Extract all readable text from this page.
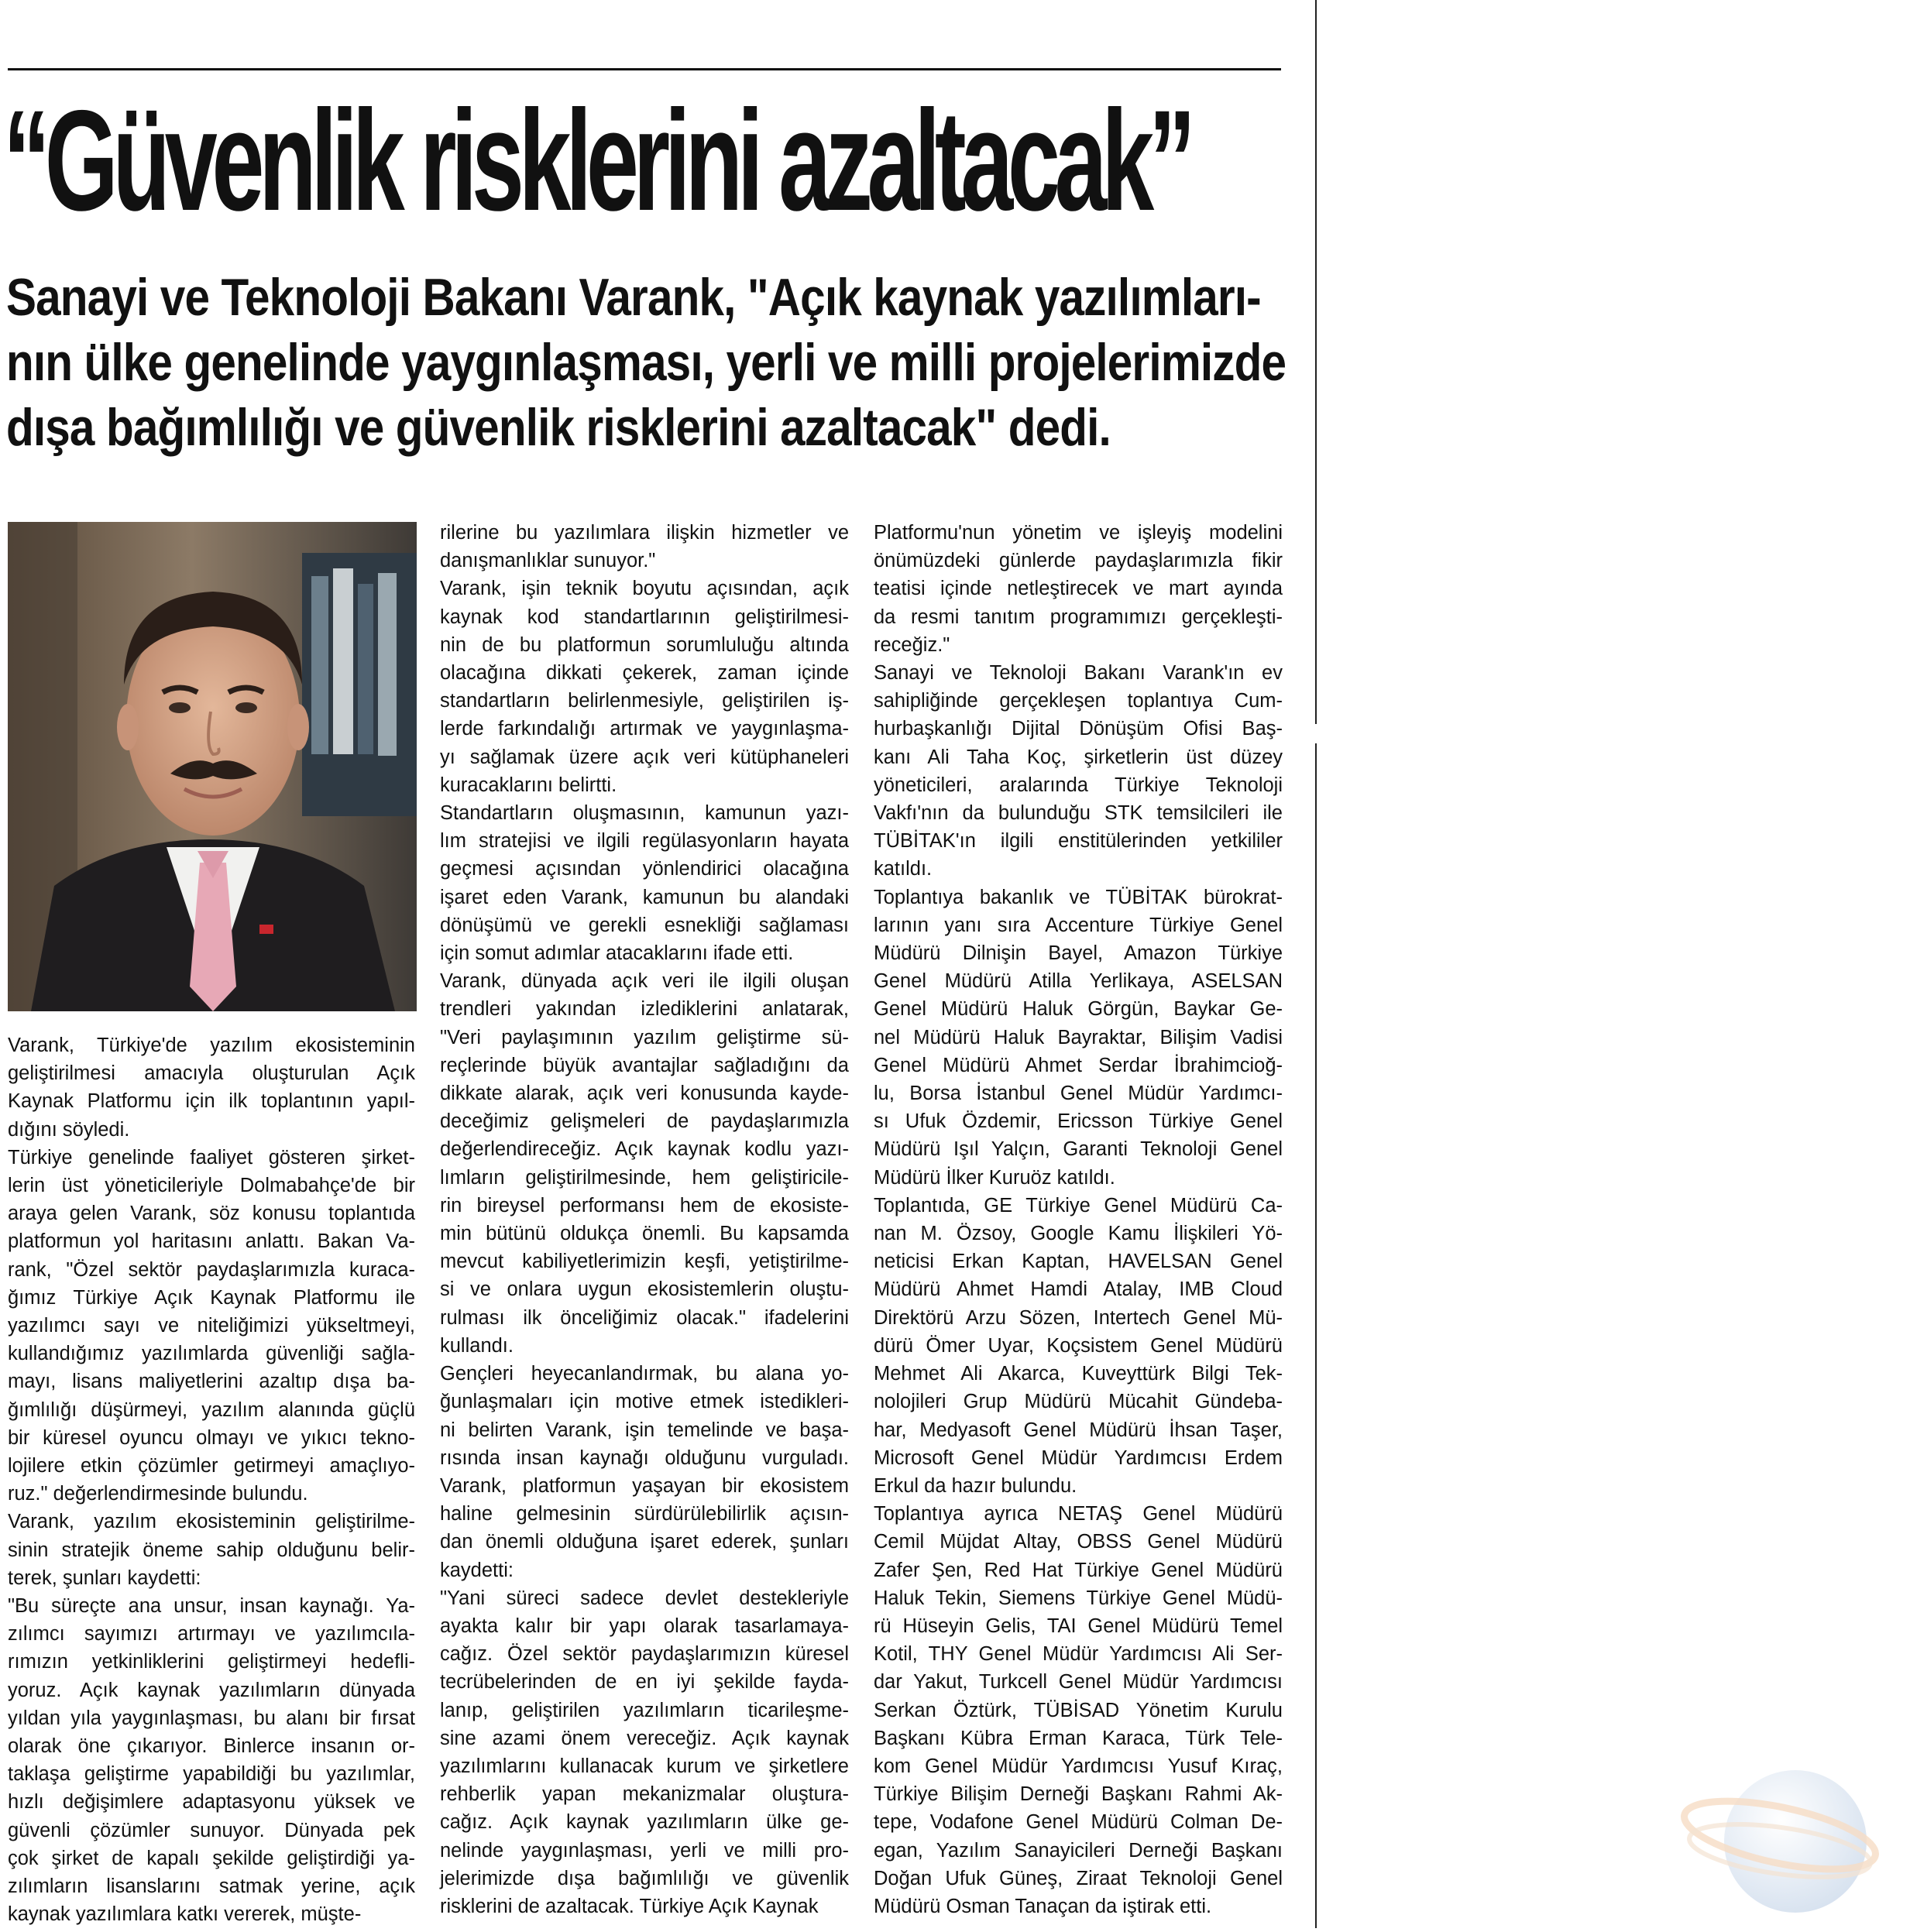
“Güvenlik risklerini azaltacak”
Sanayi ve Teknoloji Bakanı Varank, "Açık kaynak yazılımları-
nın ülke genelinde yaygınlaşması, yerli ve milli projelerimizde
dışa bağımlılığı ve güvenlik risklerini azaltacak" dedi.
Varank, Türkiye'de yazılım ekosisteminin
geliştirilmesi amacıyla oluşturulan Açık
Kaynak Platformu için ilk toplantının yapıl-
dığını söyledi.
Türkiye genelinde faaliyet gösteren şirket-
lerin üst yöneticileriyle Dolmabahçe'de bir
araya gelen Varank, söz konusu toplantıda
platformun yol haritasını anlattı. Bakan Va-
rank, "Özel sektör paydaşlarımızla kuraca-
ğımız Türkiye Açık Kaynak Platformu ile
yazılımcı sayı ve niteliğimizi yükseltmeyi,
kullandığımız yazılımlarda güvenliği sağla-
mayı, lisans maliyetlerini azaltıp dışa ba-
ğımlılığı düşürmeyi, yazılım alanında güçlü
bir küresel oyuncu olmayı ve yıkıcı tekno-
lojilere etkin çözümler getirmeyi amaçlıyo-
ruz." değerlendirmesinde bulundu.
Varank, yazılım ekosisteminin geliştirilme-
sinin stratejik öneme sahip olduğunu belir-
terek, şunları kaydetti:
"Bu süreçte ana unsur, insan kaynağı. Ya-
zılımcı sayımızı artırmayı ve yazılımcıla-
rımızın yetkinliklerini geliştirmeyi hedefli-
yoruz. Açık kaynak yazılımların dünyada
yıldan yıla yaygınlaşması, bu alanı bir fırsat
olarak öne çıkarıyor. Binlerce insanın or-
taklaşa geliştirme yapabildiği bu yazılımlar,
hızlı değişimlere adaptasyonu yüksek ve
güvenli çözümler sunuyor. Dünyada pek
çok şirket de kapalı şekilde geliştirdiği ya-
zılımların lisanslarını satmak yerine, açık
kaynak yazılımlara katkı vererek, müşte-
rilerine bu yazılımlara ilişkin hizmetler ve
danışmanlıklar sunuyor."
Varank, işin teknik boyutu açısından, açık
kaynak kod standartlarının geliştirilmesi-
nin de bu platformun sorumluluğu altında
olacağına dikkati çekerek, zaman içinde
standartların belirlenmesiyle, geliştirilen iş-
lerde farkındalığı artırmak ve yaygınlaşma-
yı sağlamak üzere açık veri kütüphaneleri
kuracaklarını belirtti.
Standartların oluşmasının, kamunun yazı-
lım stratejisi ve ilgili regülasyonların hayata
geçmesi açısından yönlendirici olacağına
işaret eden Varank, kamunun bu alandaki
dönüşümü ve gerekli esnekliği sağlaması
için somut adımlar atacaklarını ifade etti.
Varank, dünyada açık veri ile ilgili oluşan
trendleri yakından izlediklerini anlatarak,
"Veri paylaşımının yazılım geliştirme sü-
reçlerinde büyük avantajlar sağladığını da
dikkate alarak, açık veri konusunda kayde-
deceğimiz gelişmeleri de paydaşlarımızla
değerlendireceğiz. Açık kaynak kodlu yazı-
lımların geliştirilmesinde, hem geliştiricile-
rin bireysel performansı hem de ekosiste-
min bütünü oldukça önemli. Bu kapsamda
mevcut kabiliyetlerimizin keşfi, yetiştirilme-
si ve onlara uygun ekosistemlerin oluştu-
rulması ilk önceliğimiz olacak." ifadelerini
kullandı.
Gençleri heyecanlandırmak, bu alana yo-
ğunlaşmaları için motive etmek istedikleri-
ni belirten Varank, işin temelinde ve başa-
rısında insan kaynağı olduğunu vurguladı.
Varank, platformun yaşayan bir ekosistem
haline gelmesinin sürdürülebilirlik açısın-
dan önemli olduğuna işaret ederek, şunları
kaydetti:
"Yani süreci sadece devlet destekleriyle
ayakta kalır bir yapı olarak tasarlamaya-
cağız. Özel sektör paydaşlarımızın küresel
tecrübelerinden de en iyi şekilde fayda-
lanıp, geliştirilen yazılımların ticarileşme-
sine azami önem vereceğiz. Açık kaynak
yazılımlarını kullanacak kurum ve şirketlere
rehberlik yapan mekanizmalar oluştura-
cağız. Açık kaynak yazılımların ülke ge-
nelinde yaygınlaşması, yerli ve milli pro-
jelerimizde dışa bağımlılığı ve güvenlik
risklerini de azaltacak. Türkiye Açık Kaynak
Platformu'nun yönetim ve işleyiş modelini
önümüzdeki günlerde paydaşlarımızla fikir
teatisi içinde netleştirecek ve mart ayında
da resmi tanıtım programımızı gerçekleşti-
receğiz."
Sanayi ve Teknoloji Bakanı Varank'ın ev
sahipliğinde gerçekleşen toplantıya Cum-
hurbaşkanlığı Dijital Dönüşüm Ofisi Baş-
kanı Ali Taha Koç, şirketlerin üst düzey
yöneticileri, aralarında Türkiye Teknoloji
Vakfı'nın da bulunduğu STK temsilcileri ile
TÜBİTAK'ın ilgili enstitülerinden yetkililer
katıldı.
Toplantıya bakanlık ve TÜBİTAK bürokrat-
larının yanı sıra Accenture Türkiye Genel
Müdürü Dilnişin Bayel, Amazon Türkiye
Genel Müdürü Atilla Yerlikaya, ASELSAN
Genel Müdürü Haluk Görgün, Baykar Ge-
nel Müdürü Haluk Bayraktar, Bilişim Vadisi
Genel Müdürü Ahmet Serdar İbrahimcioğ-
lu, Borsa İstanbul Genel Müdür Yardımcı-
sı Ufuk Özdemir, Ericsson Türkiye Genel
Müdürü Işıl Yalçın, Garanti Teknoloji Genel
Müdürü İlker Kuruöz katıldı.
Toplantıda, GE Türkiye Genel Müdürü Ca-
nan M. Özsoy, Google Kamu İlişkileri Yö-
neticisi Erkan Kaptan, HAVELSAN Genel
Müdürü Ahmet Hamdi Atalay, IMB Cloud
Direktörü Arzu Sözen, Intertech Genel Mü-
dürü Ömer Uyar, Koçsistem Genel Müdürü
Mehmet Ali Akarca, Kuveyttürk Bilgi Tek-
nolojileri Grup Müdürü Mücahit Gündeba-
har, Medyasoft Genel Müdürü İhsan Taşer,
Microsoft Genel Müdür Yardımcısı Erdem
Erkul da hazır bulundu.
Toplantıya ayrıca NETAŞ Genel Müdürü
Cemil Müjdat Altay, OBSS Genel Müdürü
Zafer Şen, Red Hat Türkiye Genel Müdürü
Haluk Tekin, Siemens Türkiye Genel Müdü-
rü Hüseyin Gelis, TAI Genel Müdürü Temel
Kotil, THY Genel Müdür Yardımcısı Ali Ser-
dar Yakut, Turkcell Genel Müdür Yardımcısı
Serkan Öztürk, TÜBİSAD Yönetim Kurulu
Başkanı Kübra Erman Karaca, Türk Tele-
kom Genel Müdür Yardımcısı Yusuf Kıraç,
Türkiye Bilişim Derneği Başkanı Rahmi Ak-
tepe, Vodafone Genel Müdürü Colman De-
egan, Yazılım Sanayicileri Derneği Başkanı
Doğan Ufuk Güneş, Ziraat Teknoloji Genel
Müdürü Osman Tanaçan da iştirak etti.
